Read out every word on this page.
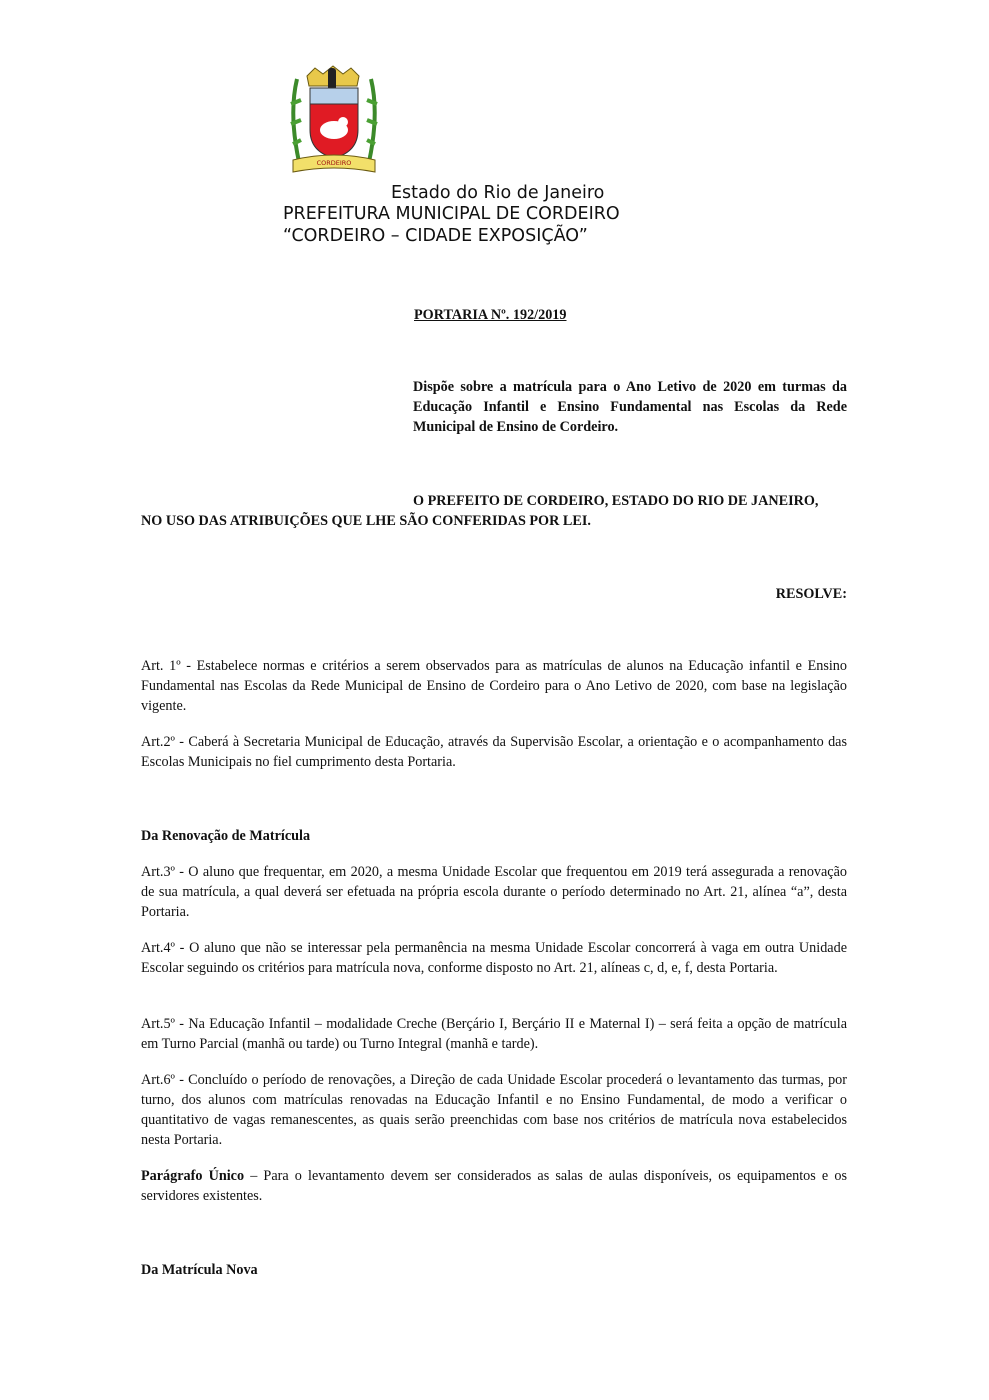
CORDEIRO
Estado do Rio de Janeiro
PREFEITURA MUNICIPAL DE CORDEIRO
“CORDEIRO – CIDADE EXPOSIÇÃO”
PORTARIA Nº. 192/2019
Dispõe sobre a matrícula para o Ano Letivo de 2020 em turmas da Educação Infantil e Ensino Fundamental nas Escolas da Rede Municipal de Ensino de Cordeiro.
O PREFEITO DE CORDEIRO, ESTADO DO RIO DE JANEIRO,
NO USO DAS ATRIBUIÇÕES QUE LHE SÃO CONFERIDAS POR LEI.
RESOLVE:
Art. 1º - Estabelece normas e critérios a serem observados para as matrículas de alunos na Educação infantil e Ensino Fundamental nas Escolas da Rede Municipal de Ensino de Cordeiro para o Ano Letivo de 2020, com base na legislação vigente.
Art.2º - Caberá à Secretaria Municipal de Educação, através da Supervisão Escolar, a orientação e o acompanhamento das Escolas Municipais no fiel cumprimento desta Portaria.
Da Renovação de Matrícula
Art.3º - O aluno que frequentar, em 2020, a mesma Unidade Escolar que frequentou em 2019 terá assegurada a renovação de sua matrícula, a qual deverá ser efetuada na própria escola durante o período determinado no Art. 21, alínea “a”, desta Portaria.
Art.4º - O aluno que não se interessar pela permanência na mesma Unidade Escolar concorrerá à vaga em outra Unidade Escolar seguindo os critérios para matrícula nova, conforme disposto no Art. 21, alíneas c, d, e, f, desta Portaria.
Art.5º - Na Educação Infantil – modalidade Creche (Berçário I, Berçário II e Maternal I) – será feita a opção de matrícula em Turno Parcial (manhã ou tarde) ou Turno Integral (manhã e tarde).
Art.6º - Concluído o período de renovações, a Direção de cada Unidade Escolar procederá o levantamento das turmas, por turno, dos alunos com matrículas renovadas na Educação Infantil e no Ensino Fundamental, de modo a verificar o quantitativo de vagas remanescentes, as quais serão preenchidas com base nos critérios de matrícula nova estabelecidos nesta Portaria.
Parágrafo Único – Para o levantamento devem ser considerados as salas de aulas disponíveis, os equipamentos e os servidores existentes.
Da Matrícula Nova
